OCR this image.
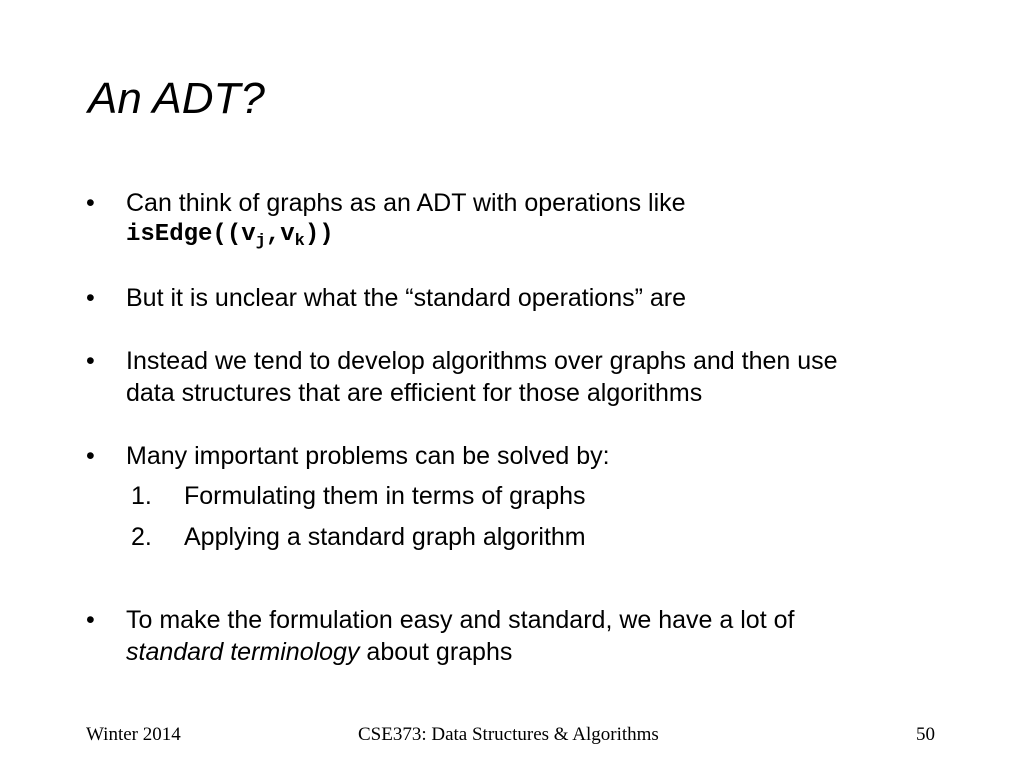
An ADT?
• Can think of graphs as an ADT with operations like
$isEdge((v_j,v_k))$
• But it is unclear what the “standard operations” are
• Instead we tend to develop algorithms over graphs and then use
data structures that are efficient for those algorithms
• Many important problems can be solved by:
1. Formulating them in terms of graphs
2. Applying a standard graph algorithm
• To make the formulation easy and standard, we have a lot of
standard terminology about graphs
Winter 2014	CSE373: Data Structures & Algorithms	50
